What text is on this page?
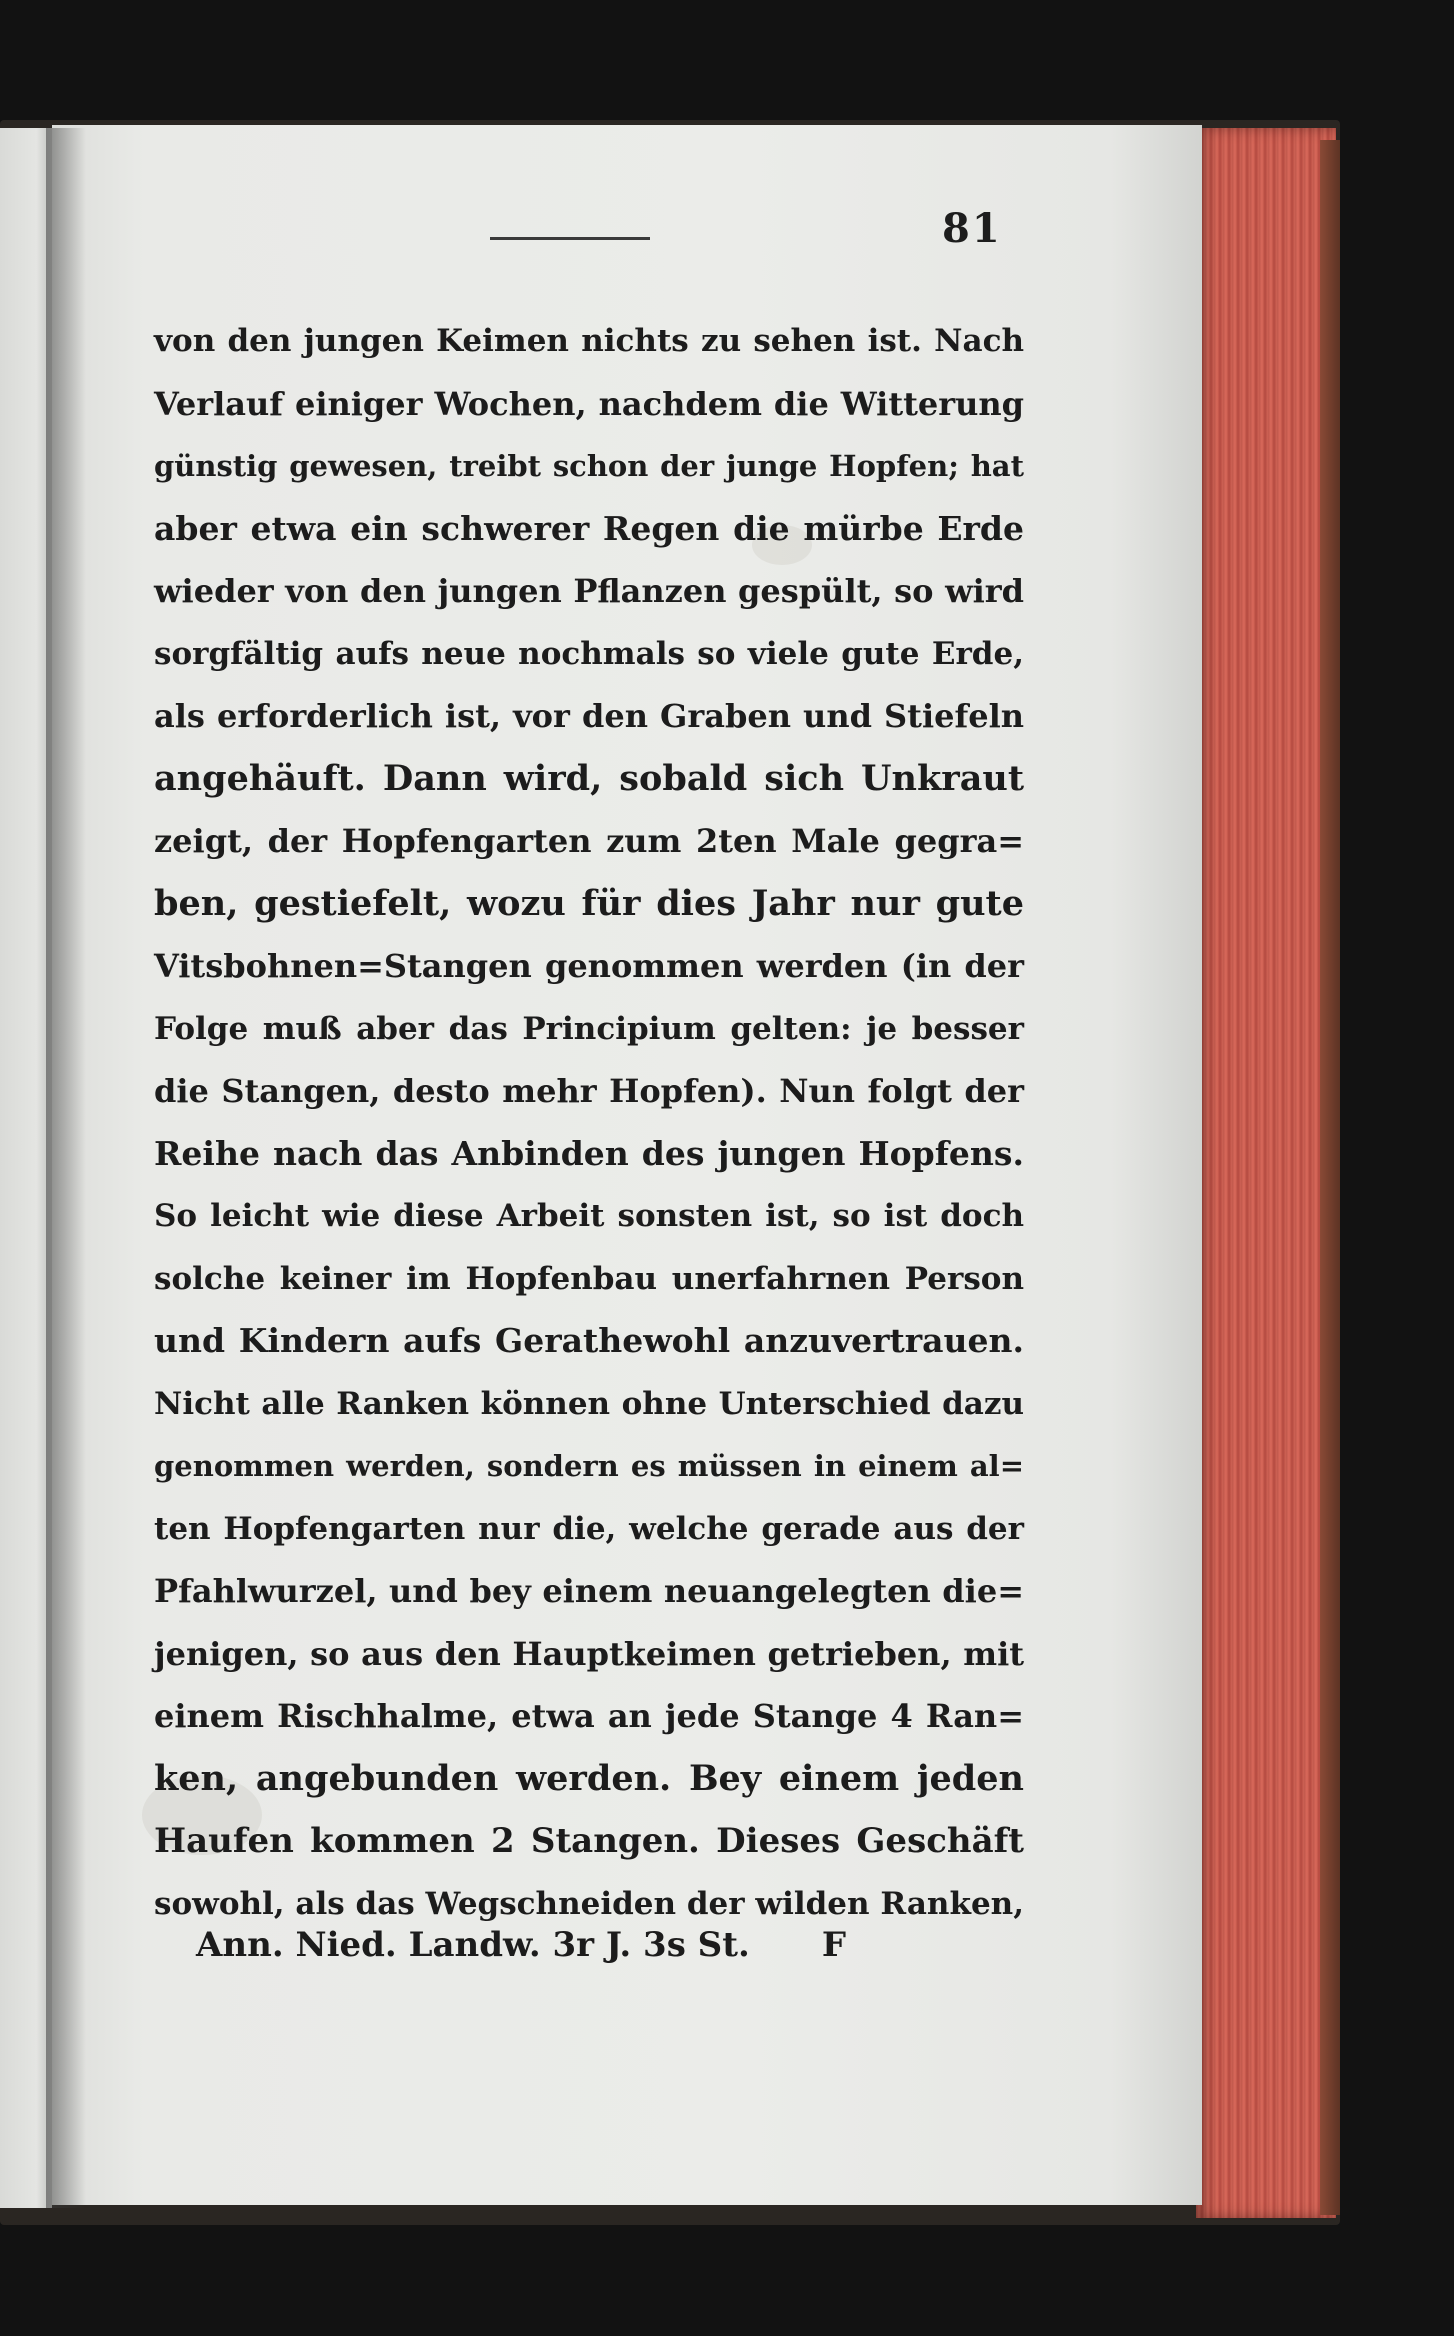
81
von den jungen Keimen nichts zu sehen ist. Nach
Verlauf einiger Wochen, nachdem die Witterung
günstig gewesen, treibt schon der junge Hopfen; hat
aber etwa ein schwerer Regen die mürbe Erde
wieder von den jungen Pflanzen gespült, so wird
sorgfältig aufs neue nochmals so viele gute Erde,
als erforderlich ist, vor den Graben und Stiefeln
angehäuft. Dann wird, sobald sich Unkraut
zeigt, der Hopfengarten zum 2ten Male gegra=
ben, gestiefelt, wozu für dies Jahr nur gute
Vitsbohnen=Stangen genommen werden (in der
Folge muß aber das Principium gelten: je besser
die Stangen, desto mehr Hopfen). Nun folgt der
Reihe nach das Anbinden des jungen Hopfens.
So leicht wie diese Arbeit sonsten ist, so ist doch
solche keiner im Hopfenbau unerfahrnen Person
und Kindern aufs Gerathewohl anzuvertrauen.
Nicht alle Ranken können ohne Unterschied dazu
genommen werden, sondern es müssen in einem al=
ten Hopfengarten nur die, welche gerade aus der
Pfahlwurzel, und bey einem neuangelegten die=
jenigen, so aus den Hauptkeimen getrieben, mit
einem Rischhalme, etwa an jede Stange 4 Ran=
ken, angebunden werden. Bey einem jeden
Haufen kommen 2 Stangen. Dieses Geschäft
sowohl, als das Wegschneiden der wilden Ranken,
Ann. Nied. Landw. 3r J. 3s St. F
